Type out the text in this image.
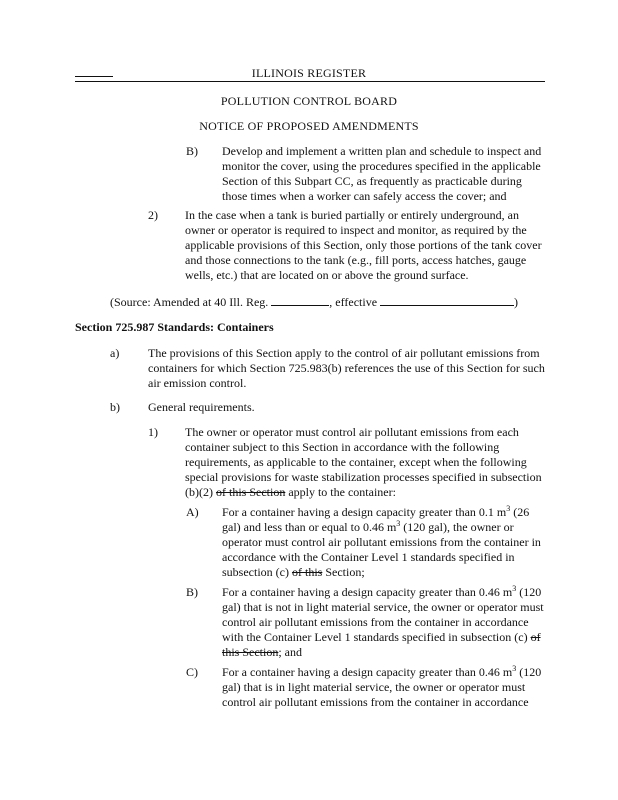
ILLINOIS REGISTER
POLLUTION CONTROL BOARD
NOTICE OF PROPOSED AMENDMENTS
B) Develop and implement a written plan and schedule to inspect and monitor the cover, using the procedures specified in the applicable Section of this Subpart CC, as frequently as practicable during those times when a worker can safely access the cover; and
2) In the case when a tank is buried partially or entirely underground, an owner or operator is required to inspect and monitor, as required by the applicable provisions of this Section, only those portions of the tank cover and those connections to the tank (e.g., fill ports, access hatches, gauge wells, etc.) that are located on or above the ground surface.
(Source: Amended at 40 Ill. Reg.	, effective	)
Section 725.987 Standards: Containers
a) The provisions of this Section apply to the control of air pollutant emissions from containers for which Section 725.983(b) references the use of this Section for such air emission control.
b) General requirements.
1) The owner or operator must control air pollutant emissions from each container subject to this Section in accordance with the following requirements, as applicable to the container, except when the following special provisions for waste stabilization processes specified in subsection (b)(2) of this Section apply to the container:
A) For a container having a design capacity greater than 0.1 $m^3$ (26 gal) and less than or equal to 0.46 $m^3$ (120 gal), the owner or operator must control air pollutant emissions from the container in accordance with the Container Level 1 standards specified in subsection (c) of this Section;
B) For a container having a design capacity greater than 0.46 $m^3$ (120 gal) that is not in light material service, the owner or operator must control air pollutant emissions from the container in accordance with the Container Level 1 standards specified in subsection (c) of this Section; and
C) For a container having a design capacity greater than 0.46 $m^3$ (120 gal) that is in light material service, the owner or operator must control air pollutant emissions from the container in accordance
